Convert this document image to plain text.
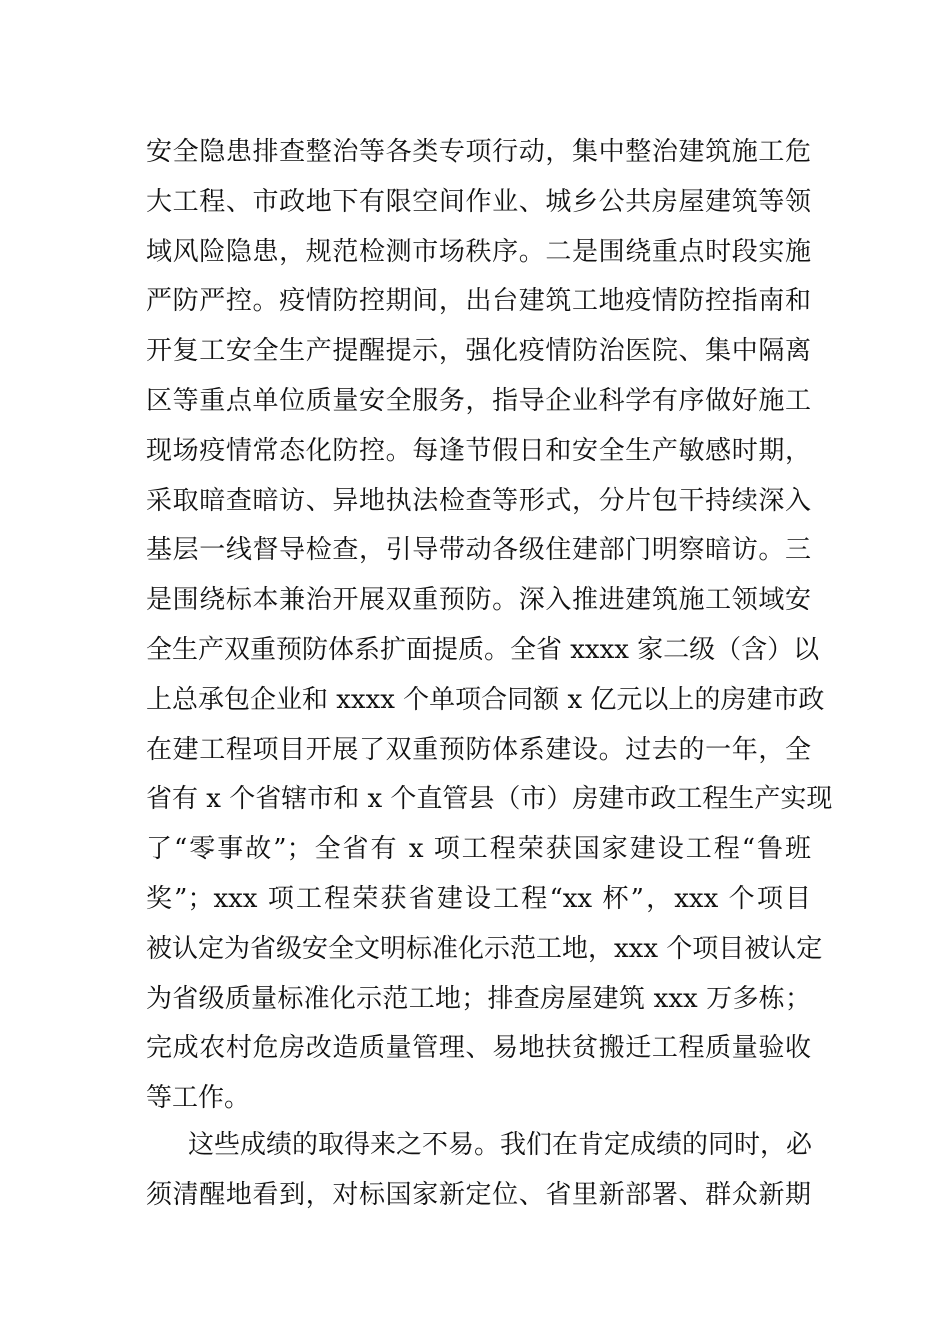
安全隐患排查整治等各类专项行动，集中整治建筑施工危
大工程、市政地下有限空间作业、城乡公共房屋建筑等领
域风险隐患，规范检测市场秩序。二是围绕重点时段实施
严防严控。疫情防控期间，出台建筑工地疫情防控指南和
开复工安全生产提醒提示，强化疫情防治医院、集中隔离
区等重点单位质量安全服务，指导企业科学有序做好施工
现场疫情常态化防控。每逢节假日和安全生产敏感时期，
采取暗查暗访、异地执法检查等形式，分片包干持续深入
基层一线督导检查，引导带动各级住建部门明察暗访。三
是围绕标本兼治开展双重预防。深入推进建筑施工领域安
全生产双重预防体系扩面提质。全省 xxxx 家二级（含）以
上总承包企业和 xxxx 个单项合同额 x 亿元以上的房建市政
在建工程项目开展了双重预防体系建设。过去的一年，全
省有 x 个省辖市和 x 个直管县（市）房建市政工程生产实现
了“零事故”；全省有 x 项工程荣获国家建设工程“鲁班
奖”；xxx 项工程荣获省建设工程“xx 杯”，xxx 个项目
被认定为省级安全文明标准化示范工地，xxx 个项目被认定
为省级质量标准化示范工地；排查房屋建筑 xxx 万多栋；
完成农村危房改造质量管理、易地扶贫搬迁工程质量验收
等工作。
这些成绩的取得来之不易。我们在肯定成绩的同时，必
须清醒地看到，对标国家新定位、省里新部署、群众新期
